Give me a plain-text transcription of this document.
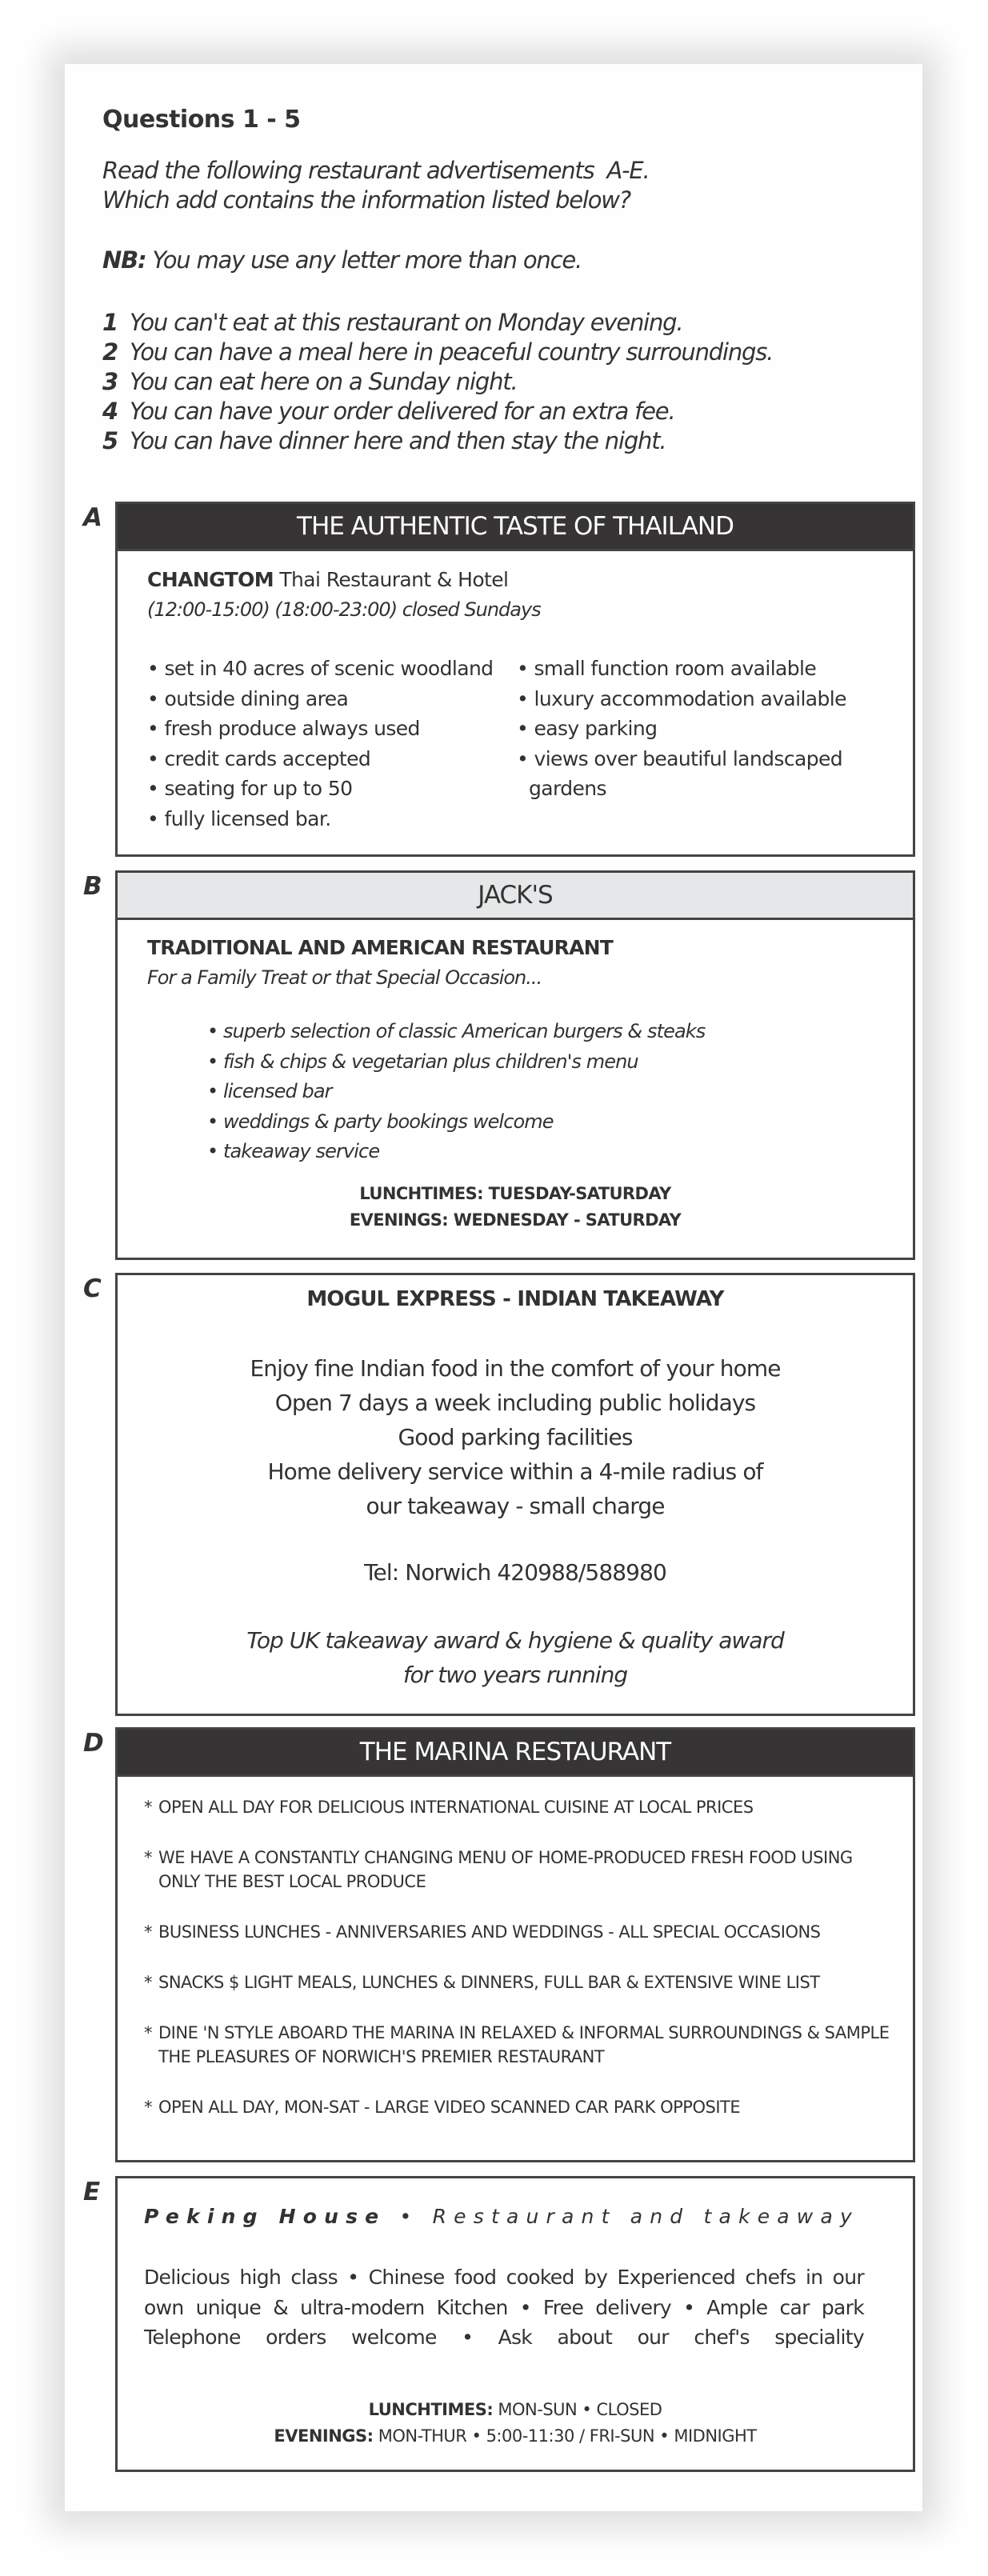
Questions 1 - 5
Read the following restaurant advertisements  A-E.
Which add contains the information listed below?
NB: You may use any letter more than once.
1 You can't eat at this restaurant on Monday evening.
2 You can have a meal here in peaceful country surroundings.
3 You can eat here on a Sunday night.
4 You can have your order delivered for an extra fee.
5 You can have dinner here and then stay the night.
A	THE AUTHENTIC TASTE OF THAILAND
CHANGTOM Thai Restaurant & Hotel
(12:00-15:00) (18:00-23:00) closed Sundays
• set in 40 acres of scenic woodland
• outside dining area
• fresh produce always used
• credit cards accepted
• seating for up to 50
• fully licensed bar.
• small function room available
• luxury accommodation available
• easy parking
• views over beautiful landscaped
gardens
B	JACK'S
TRADITIONAL AND AMERICAN RESTAURANT
For a Family Treat or that Special Occasion...
• superb selection of classic American burgers & steaks
• fish & chips & vegetarian plus children's menu
• licensed bar
• weddings & party bookings welcome
• takeaway service
LUNCHTIMES: TUESDAY-SATURDAY
EVENINGS: WEDNESDAY - SATURDAY
C	MOGUL EXPRESS - INDIAN TAKEAWAY
Enjoy fine Indian food in the comfort of your home
Open 7 days a week including public holidays
Good parking facilities
Home delivery service within a 4-mile radius of
our takeaway - small charge
Tel: Norwich 420988/588980
Top UK takeaway award & hygiene & quality award
for two years running
D	THE MARINA RESTAURANT
* OPEN ALL DAY FOR DELICIOUS INTERNATIONAL CUISINE AT LOCAL PRICES
* WE HAVE A CONSTANTLY CHANGING MENU OF HOME-PRODUCED FRESH FOOD USING ONLY THE BEST LOCAL PRODUCE
* BUSINESS LUNCHES - ANNIVERSARIES AND WEDDINGS - ALL SPECIAL OCCASIONS
* SNACKS $ LIGHT MEALS, LUNCHES & DINNERS, FULL BAR & EXTENSIVE WINE LIST
* DINE 'N STYLE ABOARD THE MARINA IN RELAXED & INFORMAL SURROUNDINGS & SAMPLE THE PLEASURES OF NORWICH'S PREMIER RESTAURANT
* OPEN ALL DAY, MON-SAT - LARGE VIDEO SCANNED CAR PARK OPPOSITE
E
Peking House • Restaurant and takeaway
Delicious high class • Chinese food cooked by Experienced chefs in our
own unique & ultra-modern Kitchen • Free delivery • Ample car park
Telephone orders welcome • Ask about our chef's speciality
LUNCHTIMES: MON-SUN • CLOSED
EVENINGS: MON-THUR • 5:00-11:30 / FRI-SUN • MIDNIGHT
